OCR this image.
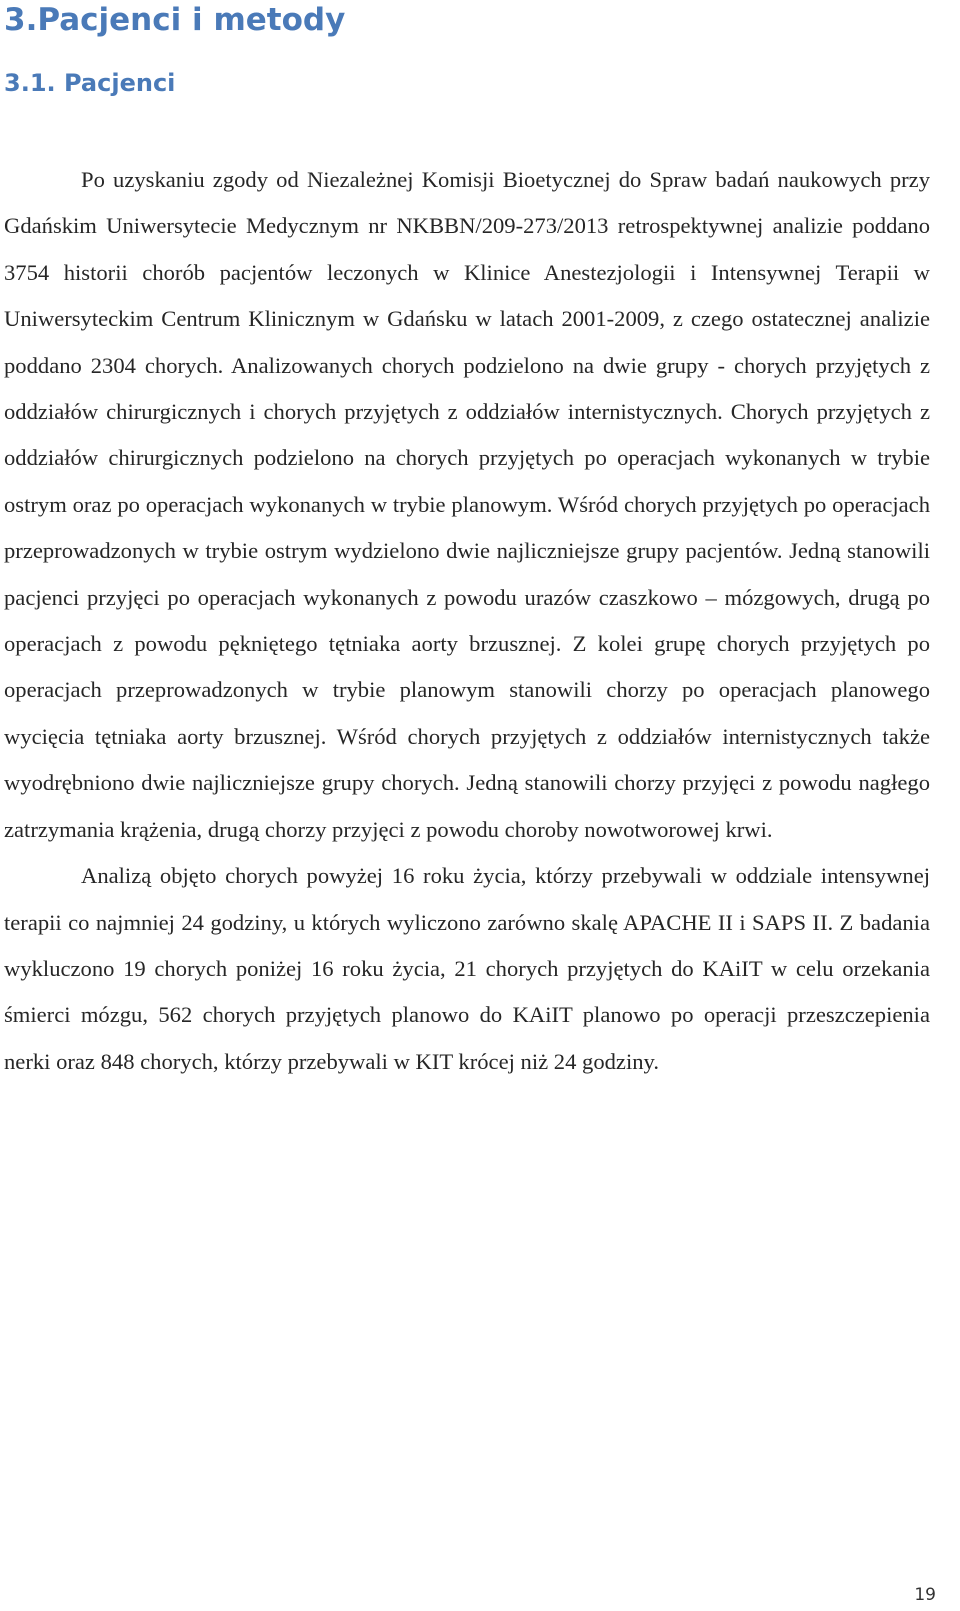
3.Pacjenci i metody
3.1. Pacjenci

Po uzyskaniu zgody od Niezależnej Komisji Bioetycznej do Spraw badań naukowych przy Gdańskim Uniwersytecie Medycznym nr NKBBN/209-273/2013 retrospektywnej analizie poddano 3754 historii chorób pacjentów leczonych w Klinice Anestezjologii i Intensywnej Terapii w Uniwersyteckim Centrum Klinicznym w Gdańsku w latach 2001-2009, z czego ostatecznej analizie poddano 2304 chorych. Analizowanych chorych podzielono na dwie grupy - chorych przyjętych z oddziałów chirurgicznych i chorych przyjętych z oddziałów internistycznych. Chorych przyjętych z oddziałów chirurgicznych podzielono na chorych przyjętych po operacjach wykonanych w trybie ostrym oraz po operacjach wykonanych w trybie planowym. Wśród chorych przyjętych po operacjach przeprowadzonych w trybie ostrym wydzielono dwie najliczniejsze grupy pacjentów. Jedną stanowili pacjenci przyjęci po operacjach wykonanych z powodu urazów czaszkowo – mózgowych, drugą po operacjach z powodu pękniętego tętniaka aorty brzusznej. Z kolei grupę chorych przyjętych po operacjach przeprowadzonych w trybie planowym stanowili chorzy po operacjach planowego wycięcia tętniaka aorty brzusznej. Wśród chorych przyjętych z oddziałów internistycznych także wyodrębniono dwie najliczniejsze grupy chorych. Jedną stanowili chorzy przyjęci z powodu nagłego zatrzymania krążenia, drugą chorzy przyjęci z powodu choroby nowotworowej krwi.

Analizą objęto chorych powyżej 16 roku życia, którzy przebywali w oddziale intensywnej terapii co najmniej 24 godziny, u których wyliczono zarówno skalę APACHE II i SAPS II. Z badania wykluczono 19 chorych poniżej 16 roku życia, 21 chorych przyjętych do KAiIT w celu orzekania śmierci mózgu, 562 chorych przyjętych planowo do KAiIT planowo po operacji przeszczepienia nerki oraz 848 chorych, którzy przebywali w KIT krócej niż 24 godziny.

19
